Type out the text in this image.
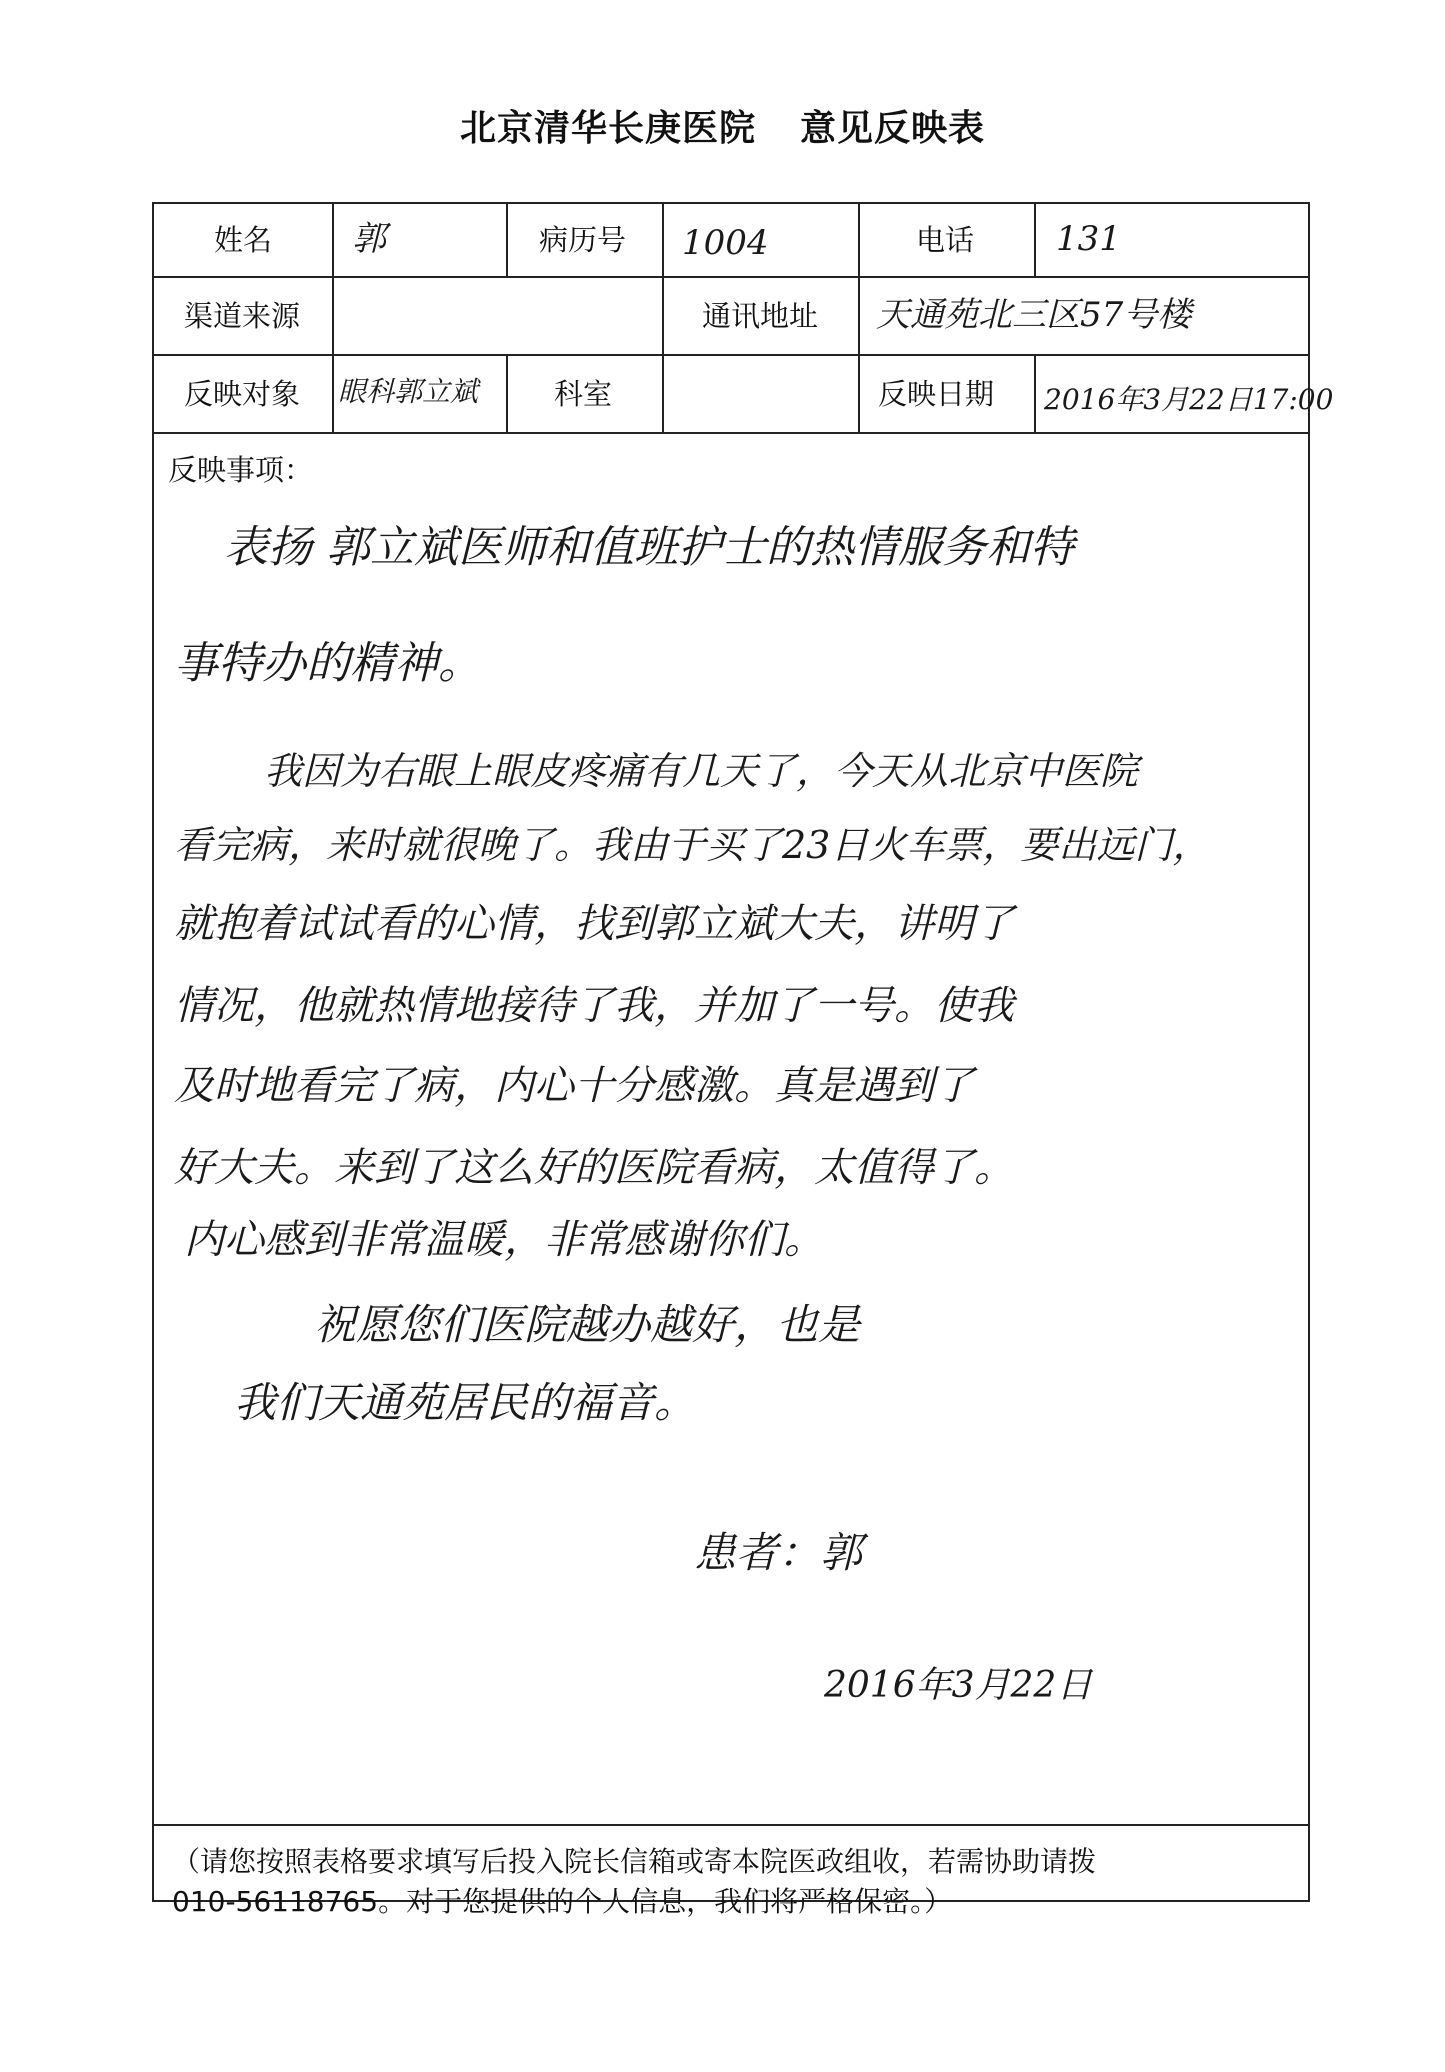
北京清华长庚医院 意见反映表
姓名 郭	病历号 1004	电话 131
渠道来源	通讯地址 天通苑北三区57号楼
反映对象 眼科郭立斌	科室	反映日期 2016年3月22日17:00
反映事项：
表扬 郭立斌医师和值班护士的热情服务和特
事特办的精神。
我因为右眼上眼皮疼痛有几天了，今天从北京中医院
看完病，来时就很晚了。我由于买了23日火车票，要出远门，
就抱着试试看的心情，找到郭立斌大夫，讲明了
情况，他就热情地接待了我，并加了一号。使我
及时地看完了病，内心十分感激。真是遇到了
好大夫。来到了这么好的医院看病，太值得了。
内心感到非常温暖，非常感谢你们。
祝愿您们医院越办越好，也是
我们天通苑居民的福音。
患者：郭
2016年3月22日
（请您按照表格要求填写后投入院长信箱或寄本院医政组收，若需协助请拨
010-56118765。对于您提供的个人信息，我们将严格保密。）
